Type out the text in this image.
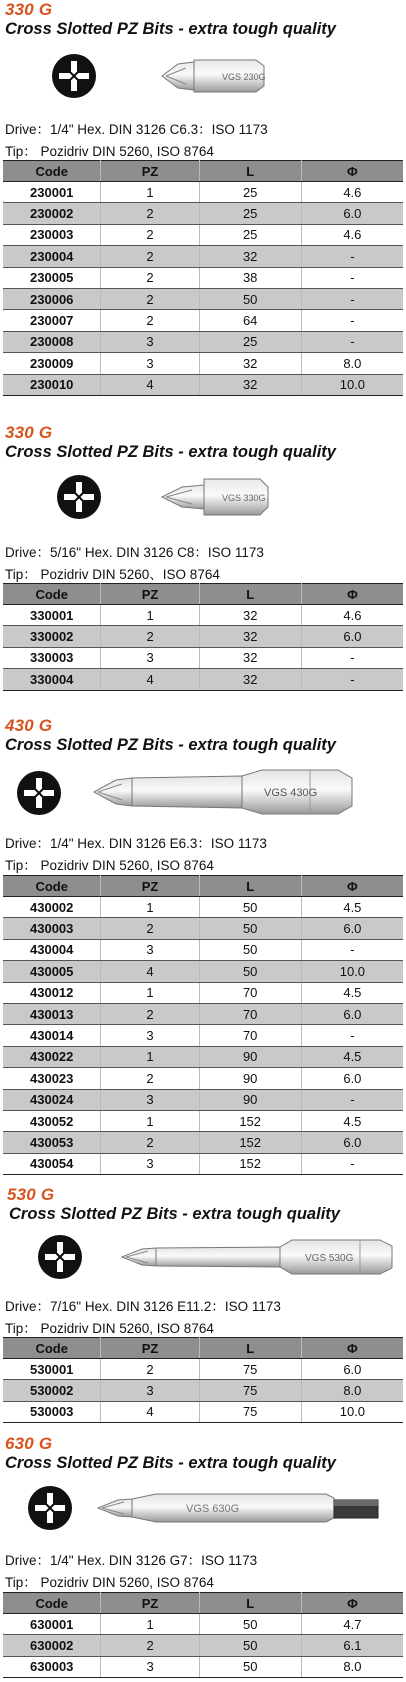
330 G
Cross Slotted PZ Bits - extra tough quality
VGS 230G
Drive：1/4" Hex. DIN 3126 C6.3：ISO 1173
Tip： Pozidriv DIN 5260, ISO 8764
Code	PZ	L	Φ
230001	1	25	4.6
230002	2	25	6.0
230003	2	25	4.6
230004	2	32	-
230005	2	38	-
230006	2	50	-
230007	2	64	-
230008	3	25	-
230009	3	32	8.0
230010	4	32	10.0
330 G
Cross Slotted PZ Bits - extra tough quality
VGS 330G
Drive：5/16" Hex. DIN 3126 C8：ISO 1173
Tip： Pozidriv DIN 5260、ISO 8764
Code	PZ	L	Φ
330001	1	32	4.6
330002	2	32	6.0
330003	3	32	-
330004	4	32	-
430 G
Cross Slotted PZ Bits - extra tough quality
VGS 430G
Drive：1/4" Hex. DIN 3126 E6.3：ISO 1173
Tip： Pozidriv DIN 5260, ISO 8764
Code	PZ	L	Φ
430002	1	50	4.5
430003	2	50	6.0
430004	3	50	-
430005	4	50	10.0
430012	1	70	4.5
430013	2	70	6.0
430014	3	70	-
430022	1	90	4.5
430023	2	90	6.0
430024	3	90	-
430052	1	152	4.5
430053	2	152	6.0
430054	3	152	-
530 G
Cross Slotted PZ Bits - extra tough quality
VGS 530G
Drive：7/16" Hex. DIN 3126 E11.2：ISO 1173
Tip： Pozidriv DIN 5260, ISO 8764
Code	PZ	L	Φ
530001	2	75	6.0
530002	3	75	8.0
530003	4	75	10.0
630 G
Cross Slotted PZ Bits - extra tough quality
VGS 630G
Drive：1/4" Hex. DIN 3126 G7：ISO 1173
Tip： Pozidriv DIN 5260, ISO 8764
Code	PZ	L	Φ
630001	1	50	4.7
630002	2	50	6.1
630003	3	50	8.0
